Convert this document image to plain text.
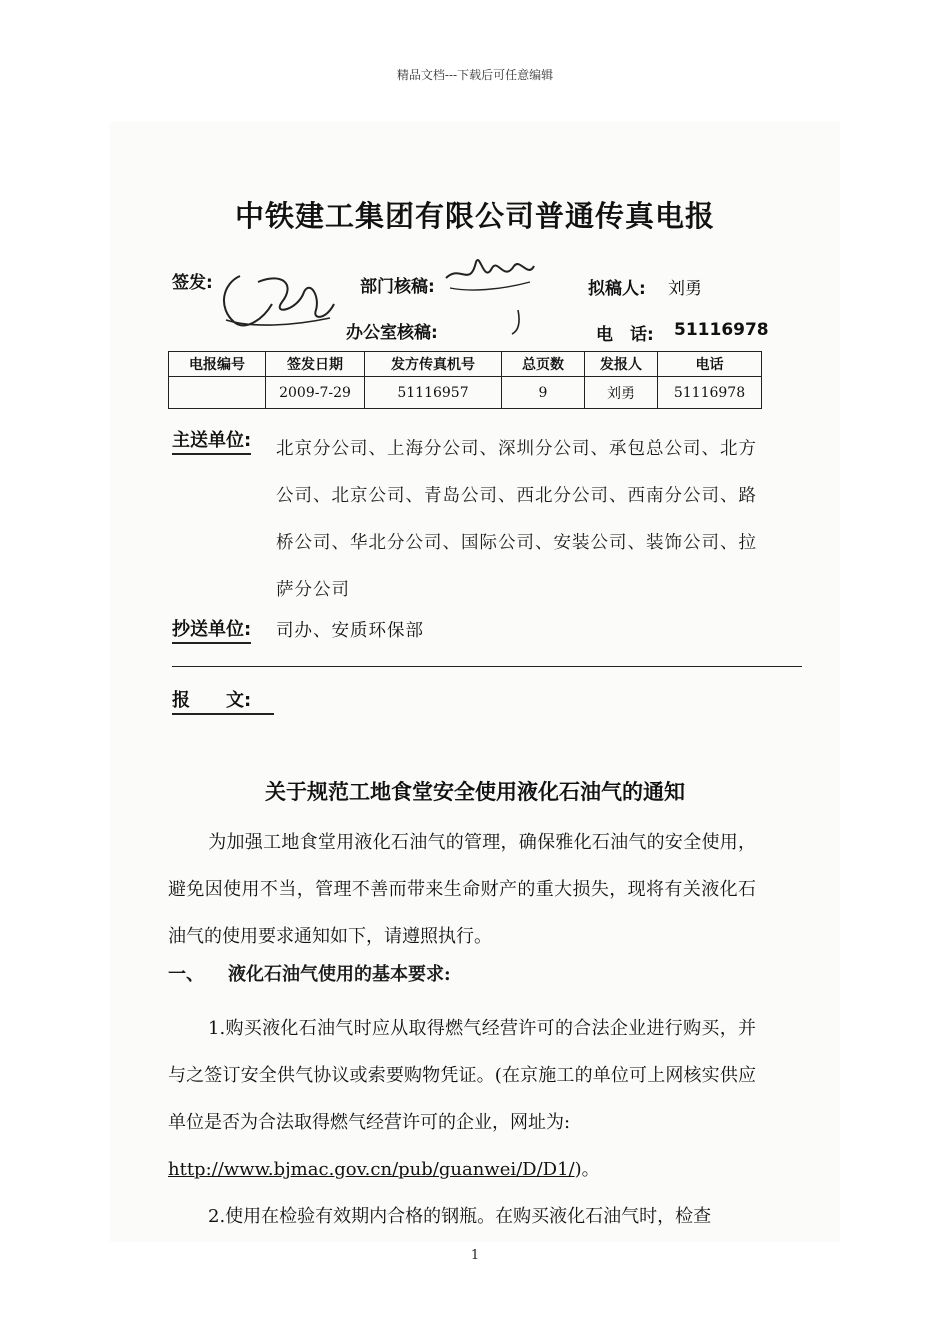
精品文档---下载后可任意编辑
中铁建工集团有限公司普通传真电报
签发:	部门核稿:	拟稿人: 刘勇
办公室核稿:	电　话: 51116978
电报编号	签发日期	发方传真机号	总页数	发报人	电话
	2009-7-29	51116957	9	刘勇	51116978
主送单位: 北京分公司、上海分公司、深圳分公司、承包总公司、北方公司、北京公司、青岛公司、西北分公司、西南分公司、路桥公司、华北分公司、国际公司、安装公司、装饰公司、拉萨分公司
抄送单位: 司办、安质环保部
报　　文:
关于规范工地食堂安全使用液化石油气的通知
为加强工地食堂用液化石油气的管理，确保雅化石油气的安全使用，避免因使用不当，管理不善而带来生命财产的重大损失，现将有关液化石油气的使用要求通知如下，请遵照执行。
一、 液化石油气使用的基本要求:
1.购买液化石油气时应从取得燃气经营许可的合法企业进行购买，并与之签订安全供气协议或索要购物凭证。(在京施工的单位可上网核实供应单位是否为合法取得燃气经营许可的企业，网址为:
http://www.bjmac.gov.cn/pub/guanwei/D/D1/)。
2.使用在检验有效期内合格的钢瓶。在购买液化石油气时，检查
1
